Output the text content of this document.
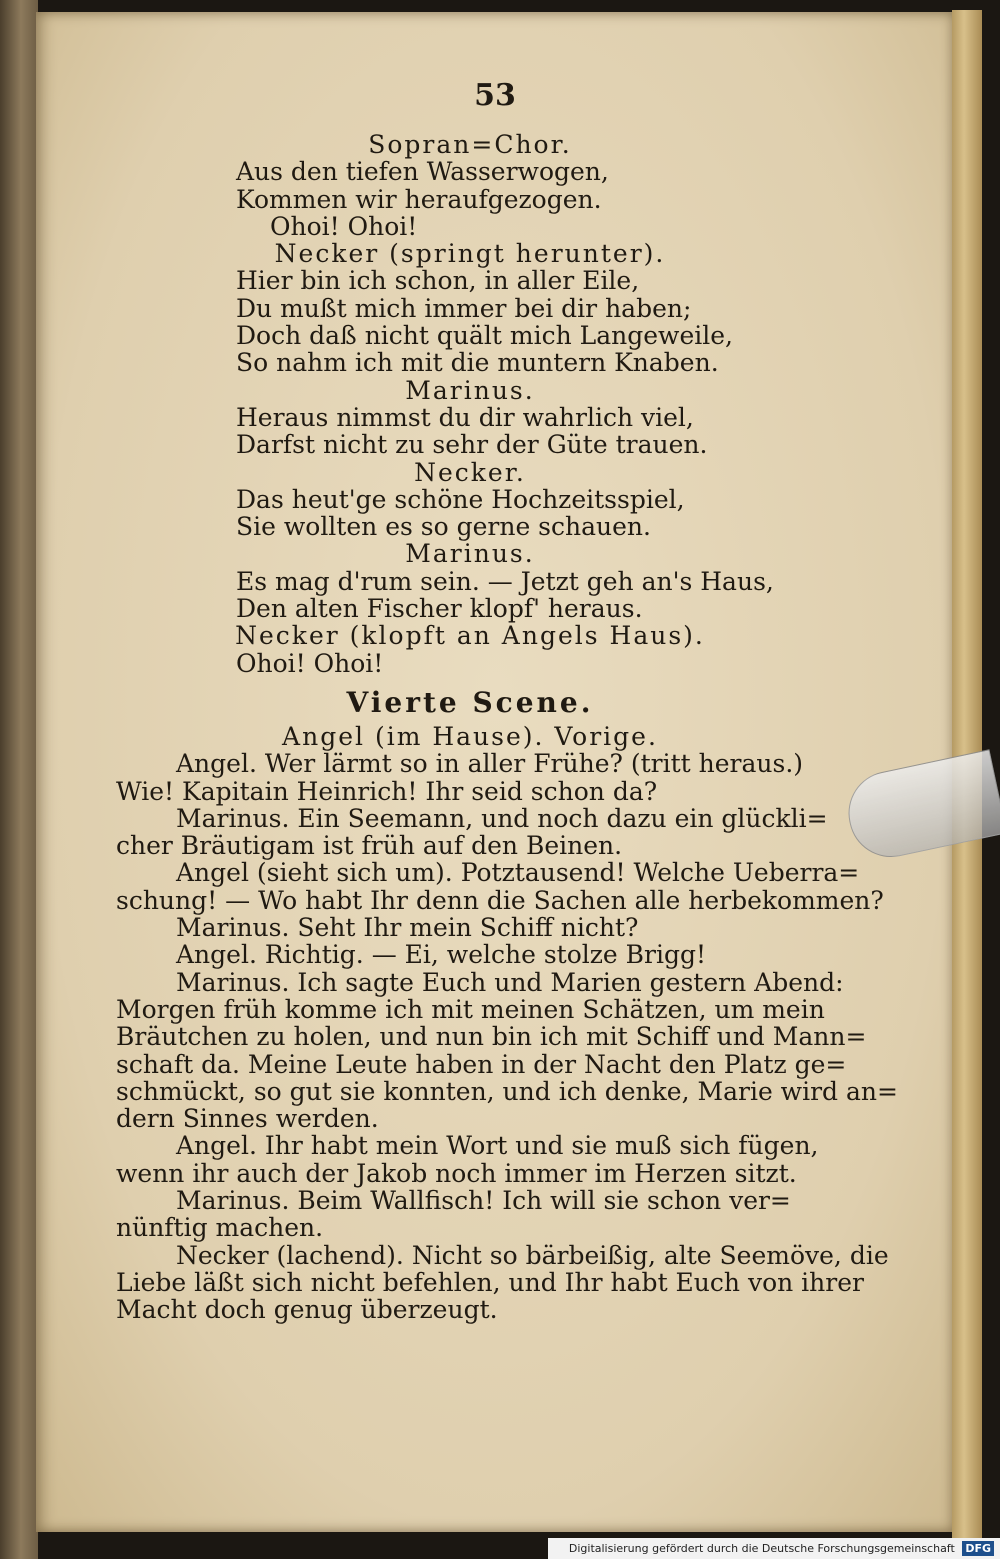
53
Sopran=Chor.
Aus den tiefen Wasserwogen,
Kommen wir heraufgezogen.
Ohoi! Ohoi!
Necker (springt herunter).
Hier bin ich schon, in aller Eile,
Du mußt mich immer bei dir haben;
Doch daß nicht quält mich Langeweile,
So nahm ich mit die muntern Knaben.
Marinus.
Heraus nimmst du dir wahrlich viel,
Darfst nicht zu sehr der Güte trauen.
Necker.
Das heut'ge schöne Hochzeitsspiel,
Sie wollten es so gerne schauen.
Marinus.
Es mag d'rum sein. — Jetzt geh an's Haus,
Den alten Fischer klopf' heraus.
Necker (klopft an Angels Haus).
Ohoi! Ohoi!
Vierte Scene.
Angel (im Hause). Vorige.
Angel. Wer lärmt so in aller Frühe? (tritt heraus.)
Wie! Kapitain Heinrich! Ihr seid schon da?
Marinus. Ein Seemann, und noch dazu ein glückli=
cher Bräutigam ist früh auf den Beinen.
Angel (sieht sich um). Potztausend! Welche Ueberra=
schung! — Wo habt Ihr denn die Sachen alle herbekommen?
Marinus. Seht Ihr mein Schiff nicht?
Angel. Richtig. — Ei, welche stolze Brigg!
Marinus. Ich sagte Euch und Marien gestern Abend:
Morgen früh komme ich mit meinen Schätzen, um mein
Bräutchen zu holen, und nun bin ich mit Schiff und Mann=
schaft da. Meine Leute haben in der Nacht den Platz ge=
schmückt, so gut sie konnten, und ich denke, Marie wird an=
dern Sinnes werden.
Angel. Ihr habt mein Wort und sie muß sich fügen,
wenn ihr auch der Jakob noch immer im Herzen sitzt.
Marinus. Beim Wallfisch! Ich will sie schon ver=
nünftig machen.
Necker (lachend). Nicht so bärbeißig, alte Seemöve, die
Liebe läßt sich nicht befehlen, und Ihr habt Euch von ihrer
Macht doch genug überzeugt.
Digitalisierung gefördert durch die Deutsche Forschungsgemeinschaft DFG
